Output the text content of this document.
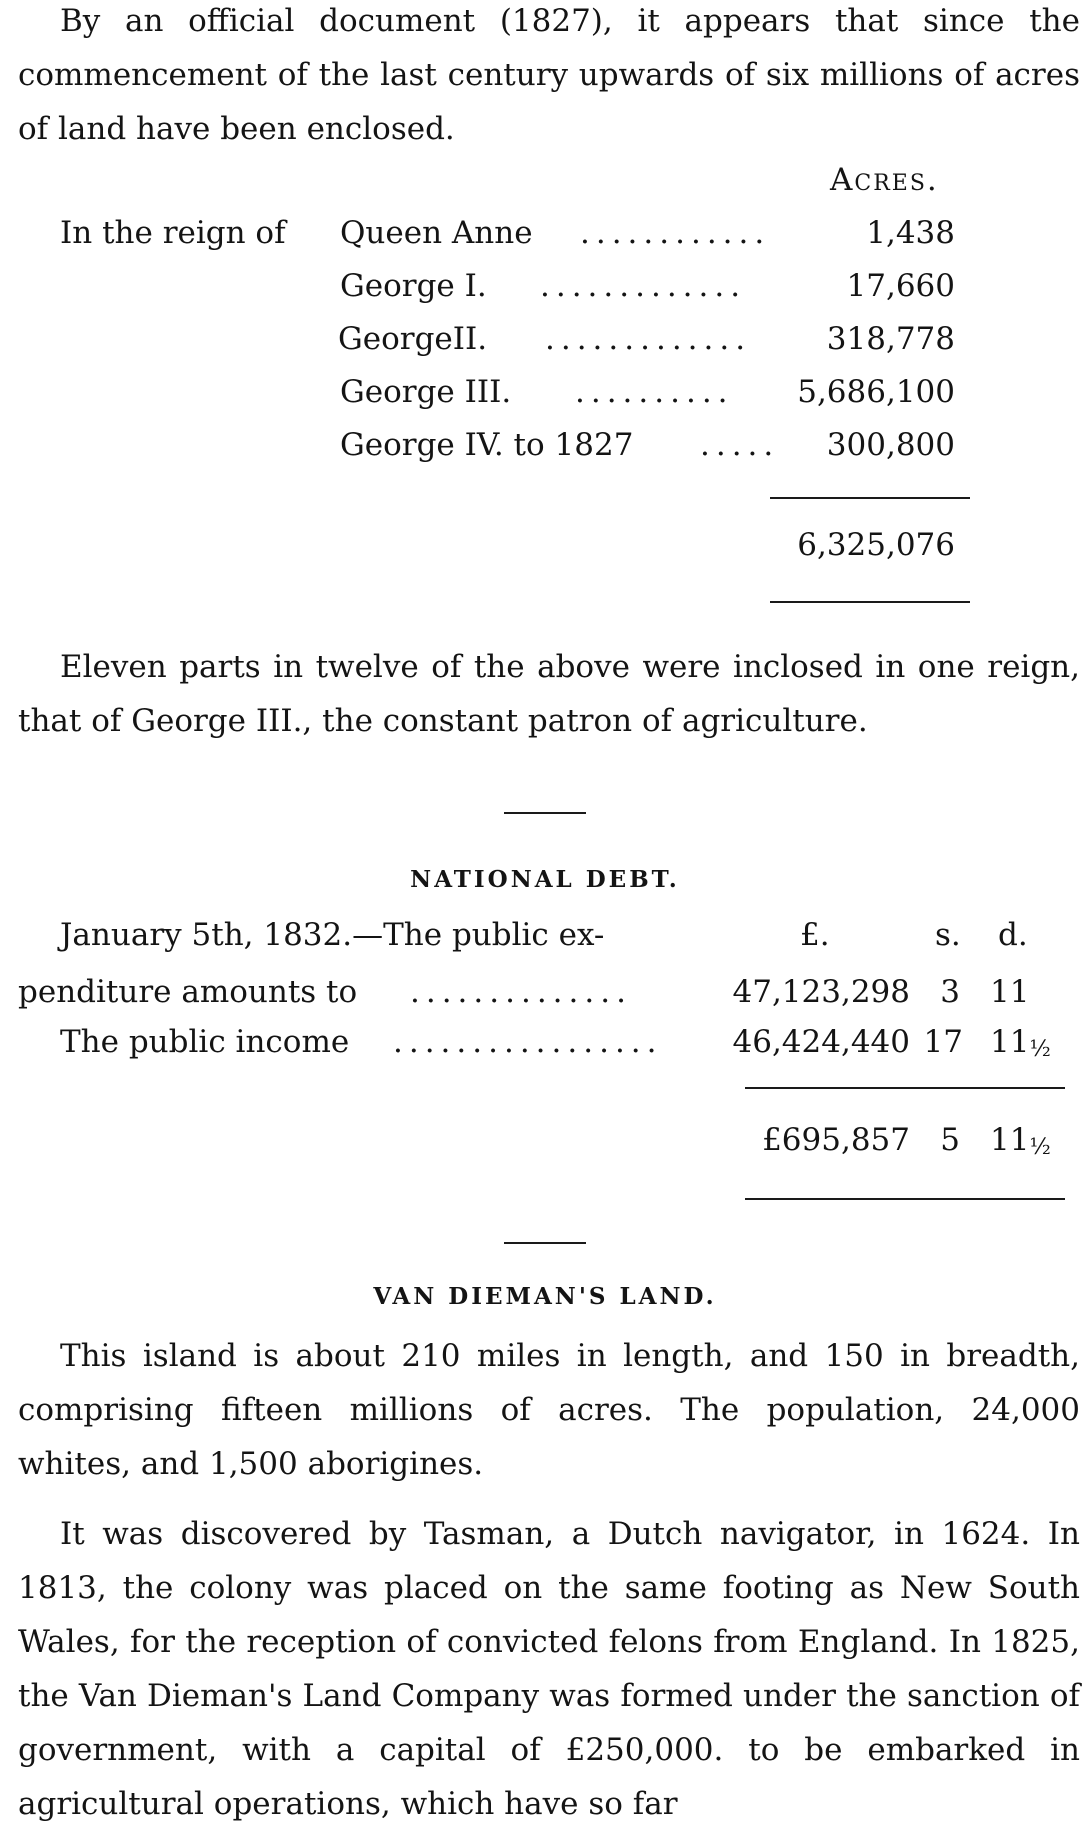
By an official document (1827), it appears that since the commencement of the last century upwards of six millions of acres of land have been enclosed.

Acres.
In the reign of Queen Anne ............	1,438
George I. .............	17,660
GeorgeII. .............	318,778
George III. ..........	5,686,100
George IV. to 1827 .....	300,800
6,325,076

Eleven parts in twelve of the above were inclosed in one reign, that of George III., the constant patron of agriculture.

NATIONAL DEBT.
January 5th, 1832.—The public ex-	£.	s. d.
penditure amounts to ..............	47,123,298 3 11
The public income .................	46,424,440 17 11½
£695,857 5 11½
VAN DIEMAN'S LAND.

This island is about 210 miles in length, and 150 in breadth, comprising fifteen millions of acres. The population, 24,000 whites, and 1,500 aborigines.

It was discovered by Tasman, a Dutch navigator, in 1624. In 1813, the colony was placed on the same footing as New South Wales, for the reception of convicted felons from England. In 1825, the Van Dieman's Land Company was formed under the sanction of government, with a capital of £250,000. to be embarked in agricultural operations, which have so far
